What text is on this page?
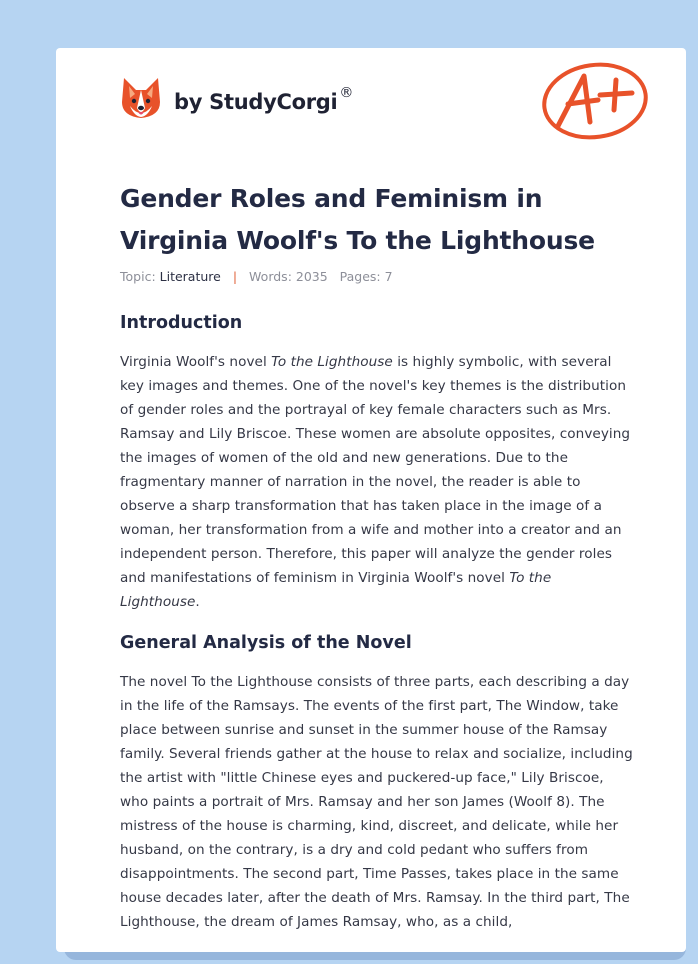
by StudyCorgi ®
Gender Roles and Feminism in Virginia Woolf's To the Lighthouse
Topic: Literature | Words: 2035 Pages: 7
Introduction

Virginia Woolf's novel To the Lighthouse is highly symbolic, with several key images and themes. One of the novel's key themes is the distribution of gender roles and the portrayal of key female characters such as Mrs. Ramsay and Lily Briscoe. These women are absolute opposites, conveying the images of women of the old and new generations. Due to the fragmentary manner of narration in the novel, the reader is able to observe a sharp transformation that has taken place in the image of a woman, her transformation from a wife and mother into a creator and an independent person. Therefore, this paper will analyze the gender roles and manifestations of feminism in Virginia Woolf's novel To the Lighthouse.

General Analysis of the Novel

The novel To the Lighthouse consists of three parts, each describing a day in the life of the Ramsays. The events of the first part, The Window, take place between sunrise and sunset in the summer house of the Ramsay family. Several friends gather at the house to relax and socialize, including the artist with "little Chinese eyes and puckered-up face," Lily Briscoe, who paints a portrait of Mrs. Ramsay and her son James (Woolf 8). The mistress of the house is charming, kind, discreet, and delicate, while her husband, on the contrary, is a dry and cold pedant who suffers from disappointments. The second part, Time Passes, takes place in the same house decades later, after the death of Mrs. Ramsay. In the third part, The Lighthouse, the dream of James Ramsay, who, as a child,
